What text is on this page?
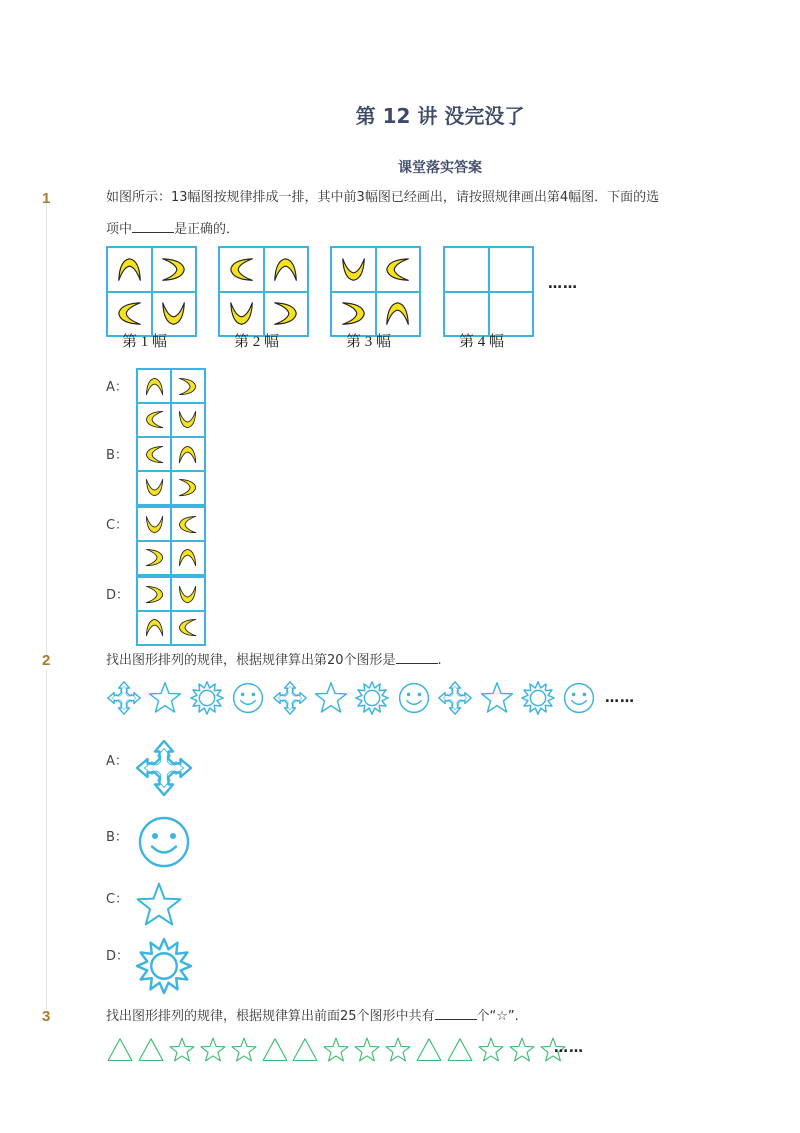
第 12 讲 没完没了
课堂落实答案
1	如图所示：13幅图按规律排成一排，其中前3幅图已经画出，请按照规律画出第4幅图．下面的选
项中	是正确的．
第 1 幅	第 2 幅	第 3 幅	第 4 幅
……
A：
B：
C：
D：
2	找出图形排列的规律，根据规律算出第20个图形是	.
……
A：
B：
C：
D：
3	找出图形排列的规律，根据规律算出前面25个图形中共有	个“☆”.
……
